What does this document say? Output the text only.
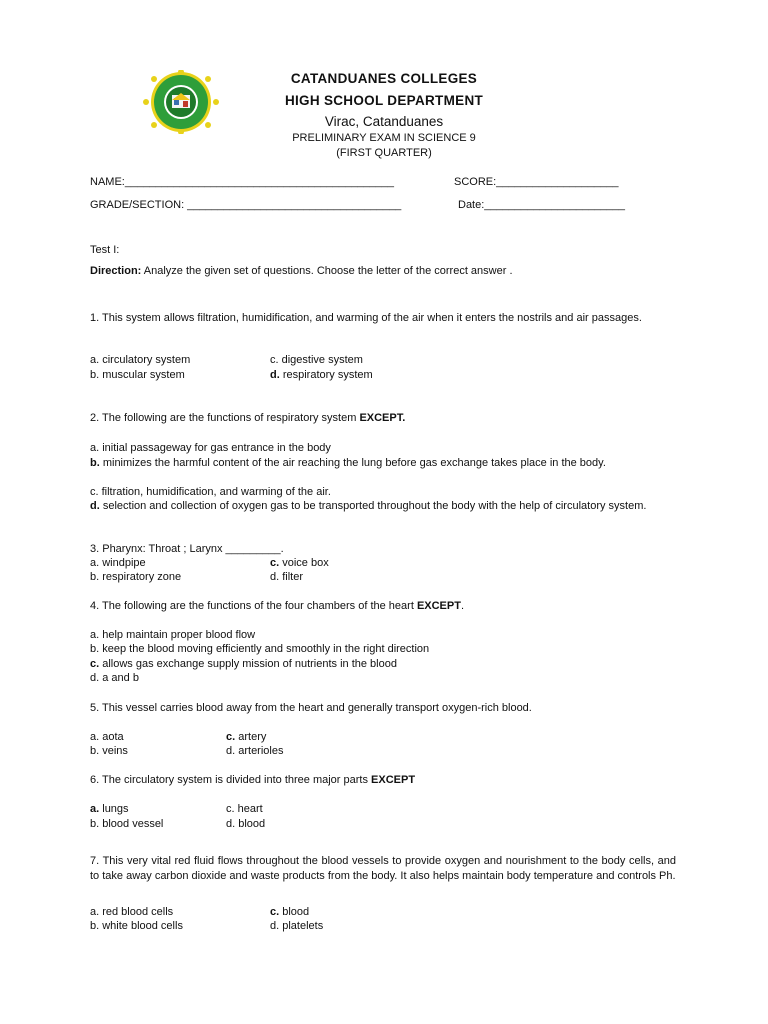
CATANDUANES COLLEGES
HIGH SCHOOL DEPARTMENT
Virac, Catanduanes
PRELIMINARY EXAM IN SCIENCE 9
(FIRST QUARTER)
NAME:____________________________________________	SCORE:____________________
GRADE/SECTION: ___________________________________	Date:_______________________
Test I:
Direction: Analyze the given set of questions. Choose the letter of the correct answer .
1. This system allows filtration, humidification, and warming of the air when it enters the nostrils and air passages.
a. circulatory system
b. muscular system
c. digestive system
d. respiratory system
2. The following are the functions of respiratory system EXCEPT.
a. initial passageway for gas entrance in the body
b. minimizes the harmful content of the air reaching the lung before gas exchange takes place in the body.
c. filtration, humidification, and warming of the air.
d. selection and collection of oxygen gas to be transported throughout the body with the help of circulatory system.
3. Pharynx: Throat ; Larynx _________.
a. windpipe
b. respiratory zone
c. voice box
d. filter
4. The following are the functions of the four chambers of the heart EXCEPT.
a. help maintain proper blood flow
b. keep the blood moving efficiently and smoothly in the right direction
c. allows gas exchange supply mission of nutrients in the blood
d. a and b
5. This vessel carries blood away from the heart and generally transport oxygen-rich blood.
a. aota
b. veins
c. artery
d. arterioles
6. The circulatory system is divided into three major parts EXCEPT
a. lungs
b. blood vessel
c. heart
d. blood
7. This very vital red fluid flows throughout the blood vessels to provide oxygen and nourishment to the body cells, and to take away carbon dioxide and waste products from the body. It also helps maintain body temperature and controls Ph.
a. red blood cells
b. white blood cells
c. blood
d. platelets
